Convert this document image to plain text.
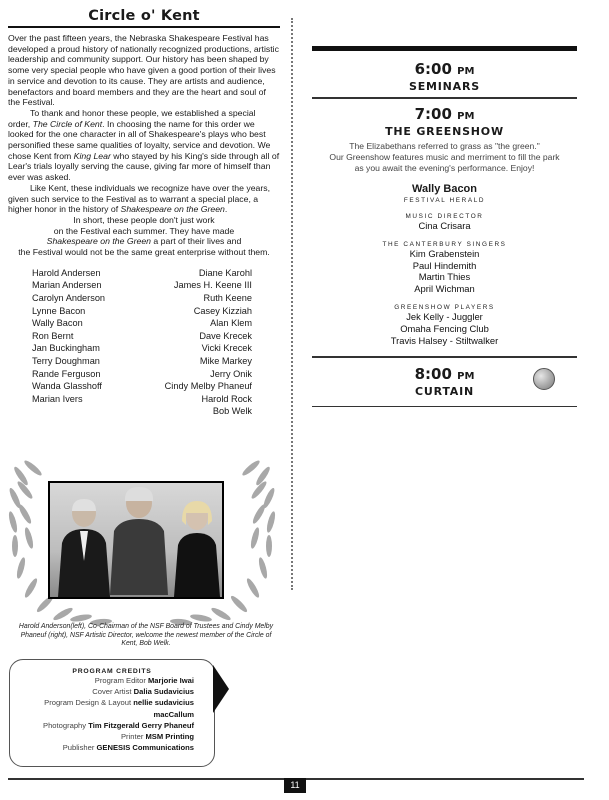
Circle o' Kent

Over the past fifteen years, the Nebraska Shakespeare Festival has developed a proud history of nationally recognized productions, artistic leadership and community support. Our history has been shaped by some very special people who have given a good portion of their lives in service and devotion to its cause. They are artists and audience, benefactors and board members and they are the heart and soul of the Festival.

To thank and honor these people, we established a special order, The Circle of Kent. In choosing the name for this order we looked for the one character in all of Shakespeare's plays who best personified these same qualities of loyalty, service and devotion. We chose Kent from King Lear who stayed by his King's side through all of Lear's trials loyally serving the cause, giving far more of himself than ever was asked.

Like Kent, these individuals we recognize have over the years, given such service to the Festival as to warrant a special place, a higher honor in the history of Shakespeare on the Green.

In short, these people don't just work

on the Festival each summer. They have made

Shakespeare on the Green a part of their lives and

the Festival would not be the same great enterprise without them.

Harold Andersen
Marian Andersen
Carolyn Anderson
Lynne Bacon
Wally Bacon
Ron Bernt
Jan Buckingham
Terry Doughman
Rande Ferguson
Wanda Glasshoff
Marian Ivers
Diane Karohl
James H. Keene III
Ruth Keene
Casey Kizziah
Alan Klem
Dave Krecek
Vicki Krecek
Mike Markey
Jerry Onik
Cindy Melby Phaneuf
Harold Rock
Bob Welk
Harold Anderson(left), Co-Chairman of the NSF Board of Trustees and Cindy Melby Phaneuf (right), NSF Artistic Director, welcome the newest member of the Circle of Kent, Bob Welk.
PROGRAM CREDITS
Program Editor Marjorie Iwai
Cover Artist Dalia Sudavicius
Program Design & Layout nellie sudavicius macCallum
Photography Tim Fitzgerald Gerry Phaneuf
Printer MSM Printing
Publisher GENESIS Communications
6:00 PM
SEMINARS
7:00 PM
THE GREENSHOW
The Elizabethans referred to grass as "the green."
Our Greenshow features music and merriment to fill the park
as you await the evening's performance. Enjoy!
Wally Bacon
FESTIVAL HERALD
MUSIC DIRECTOR
Cina Crisara
THE CANTERBURY SINGERS
Kim Grabenstein
Paul Hindemith
Martin Thies
April Wichman
GREENSHOW PLAYERS
Jek Kelly - Juggler
Omaha Fencing Club
Travis Halsey - Stiltwalker
8:00 PM
CURTAIN
11
